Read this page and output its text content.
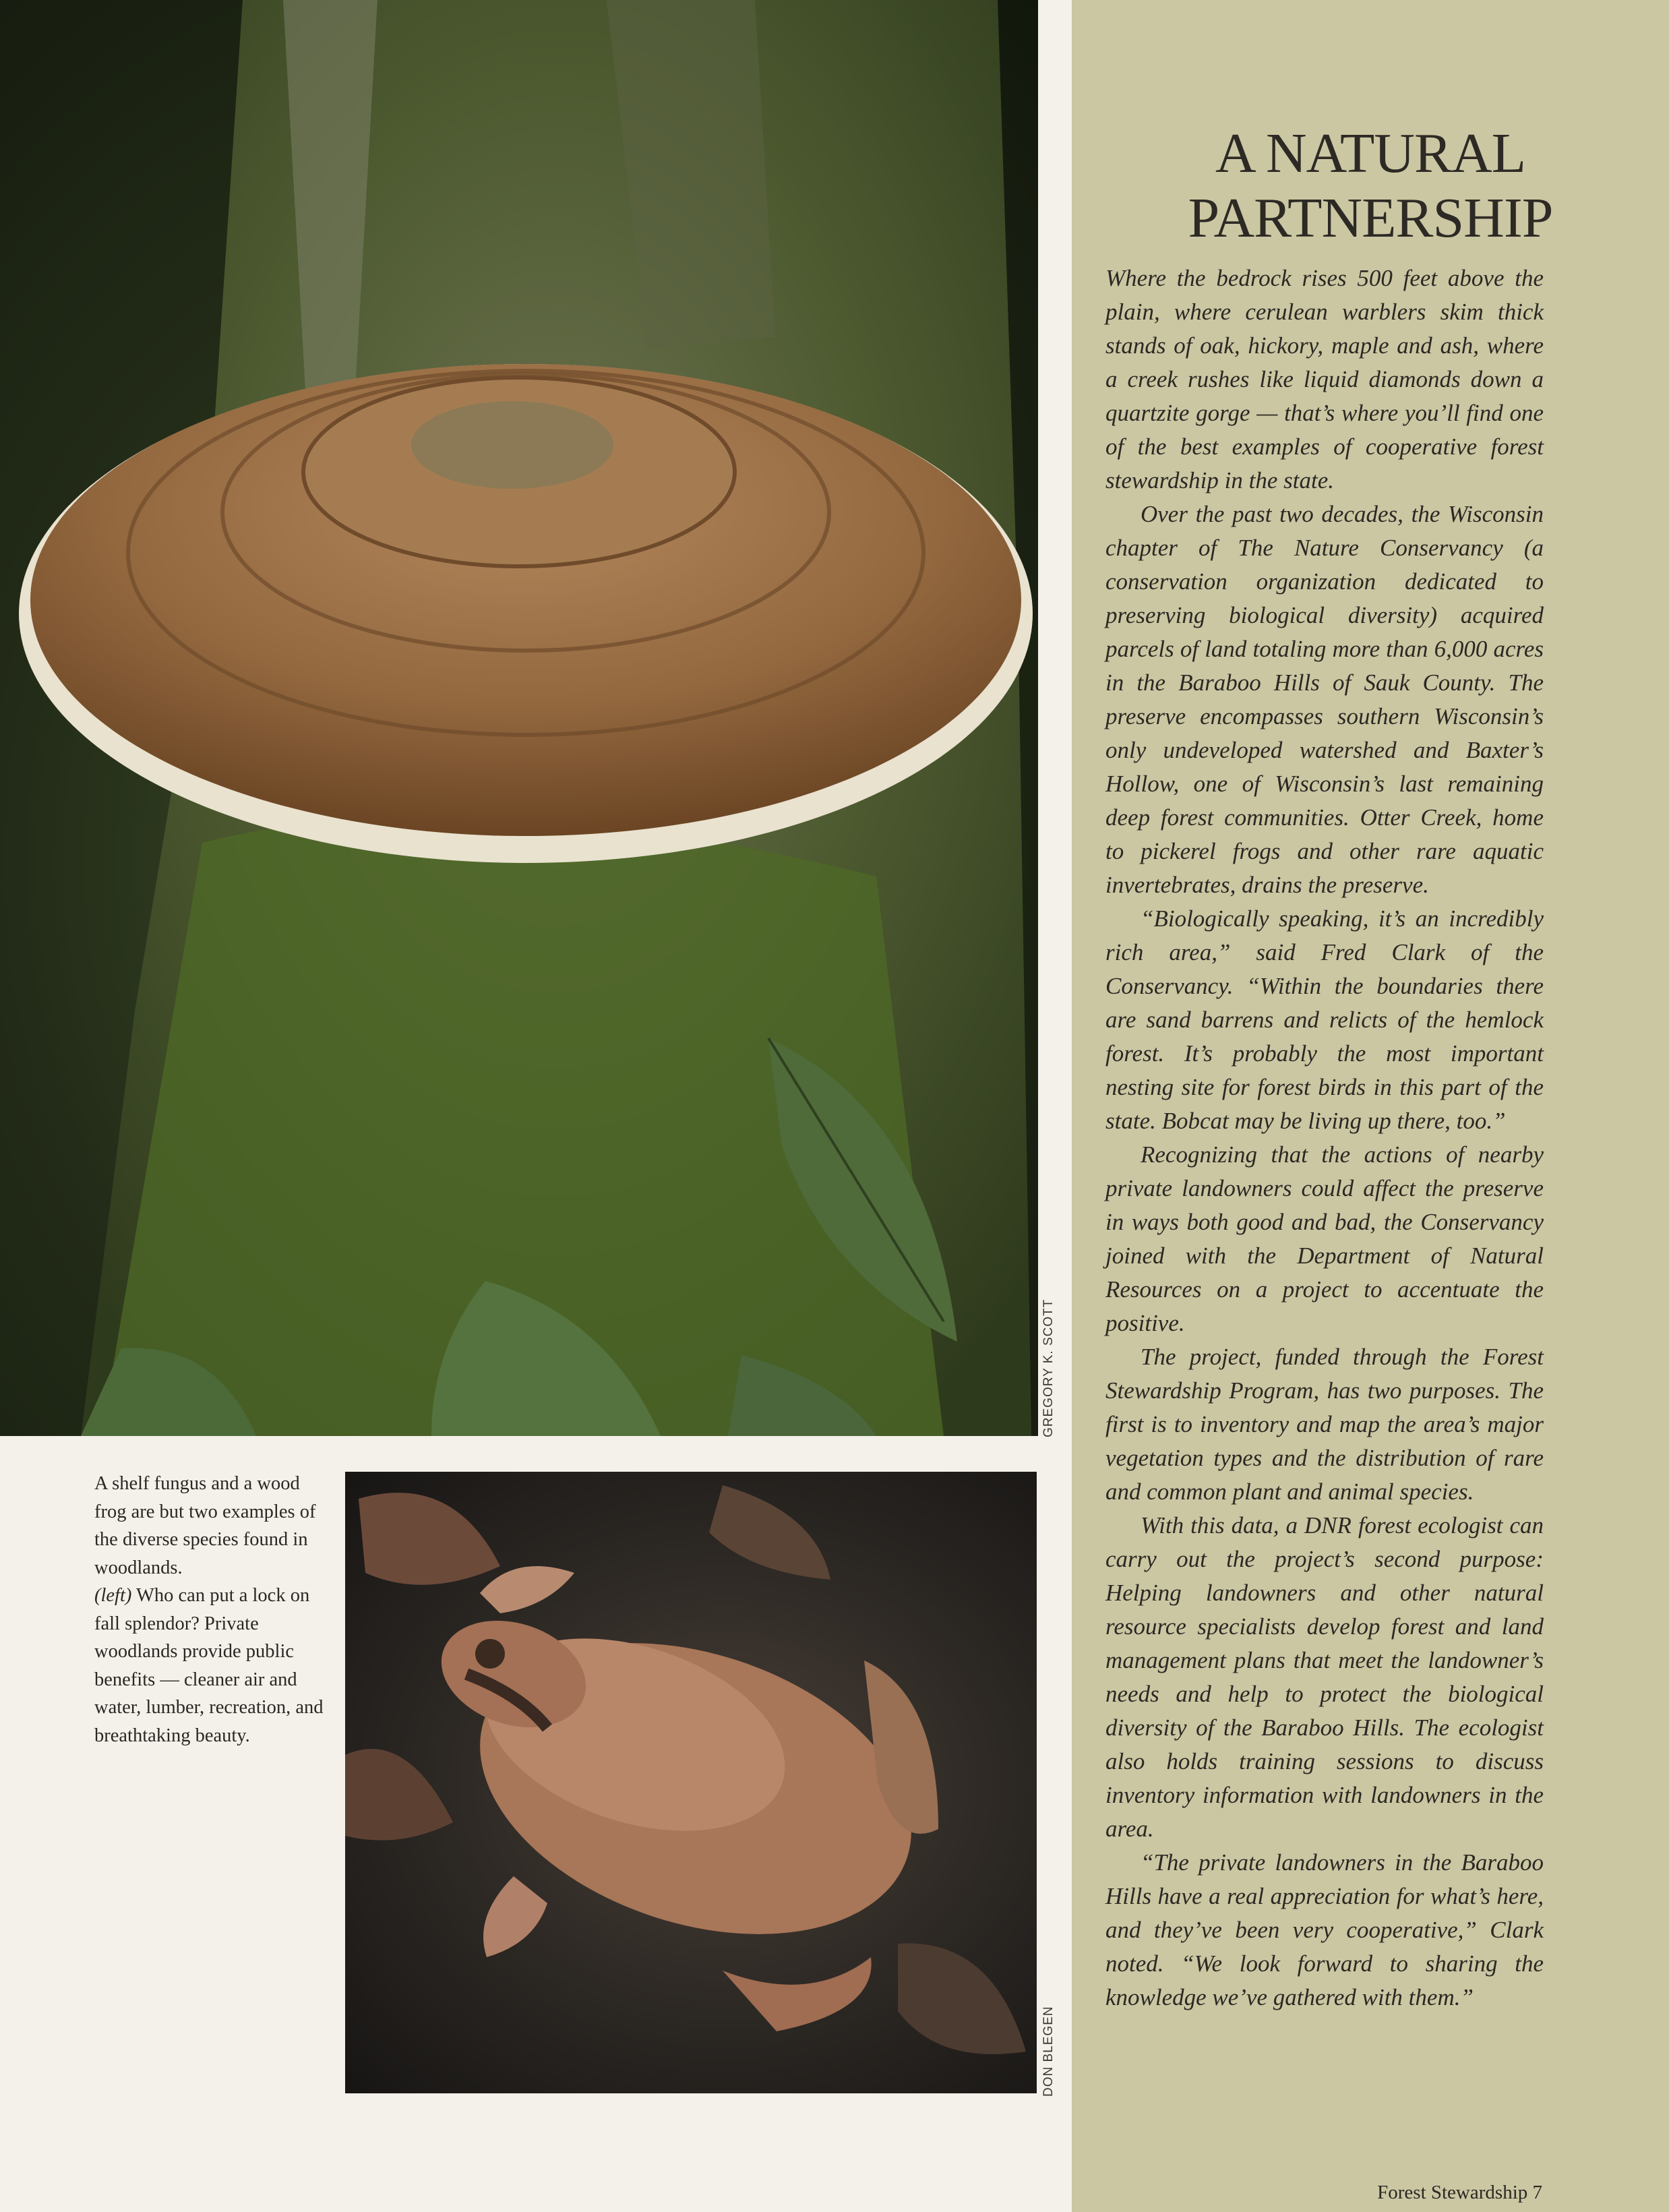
GREGORY K. SCOTT

A shelf fungus and a wood frog are but two examples of the diverse species found in woodlands.

(left) Who can put a lock on fall splendor? Private woodlands provide public benefits — cleaner air and water, lumber, recreation, and breathtaking beauty.

DON BLEGEN
A NATURAL PARTNERSHIP

Where the bedrock rises 500 feet above the plain, where cerulean warblers skim thick stands of oak, hickory, maple and ash, where a creek rushes like liquid diamonds down a quartzite gorge — that’s where you’ll find one of the best examples of cooperative forest stewardship in the state.

Over the past two decades, the Wisconsin chapter of The Nature Conservancy (a conservation organization dedicated to preserving biological diversity) acquired parcels of land totaling more than 6,000 acres in the Baraboo Hills of Sauk County. The preserve encompasses southern Wisconsin’s only undeveloped watershed and Baxter’s Hollow, one of Wisconsin’s last remaining deep forest communities. Otter Creek, home to pickerel frogs and other rare aquatic invertebrates, drains the preserve.

“Biologically speaking, it’s an incredibly rich area,” said Fred Clark of the Conservancy. “Within the boundaries there are sand barrens and relicts of the hemlock forest. It’s probably the most important nesting site for forest birds in this part of the state. Bobcat may be living up there, too.”

Recognizing that the actions of nearby private landowners could affect the preserve in ways both good and bad, the Conservancy joined with the Department of Natural Resources on a project to accentuate the positive.

The project, funded through the Forest Stewardship Program, has two purposes. The first is to inventory and map the area’s major vegetation types and the distribution of rare and common plant and animal species.

With this data, a DNR forest ecologist can carry out the project’s second purpose: Helping landowners and other natural resource specialists develop forest and land management plans that meet the landowner’s needs and help to protect the biological diversity of the Baraboo Hills. The ecologist also holds training sessions to discuss inventory information with landowners in the area.

“The private landowners in the Baraboo Hills have a real appreciation for what’s here, and they’ve been very cooperative,” Clark noted. “We look forward to sharing the knowledge we’ve gathered with them.”

Forest Stewardship 7
